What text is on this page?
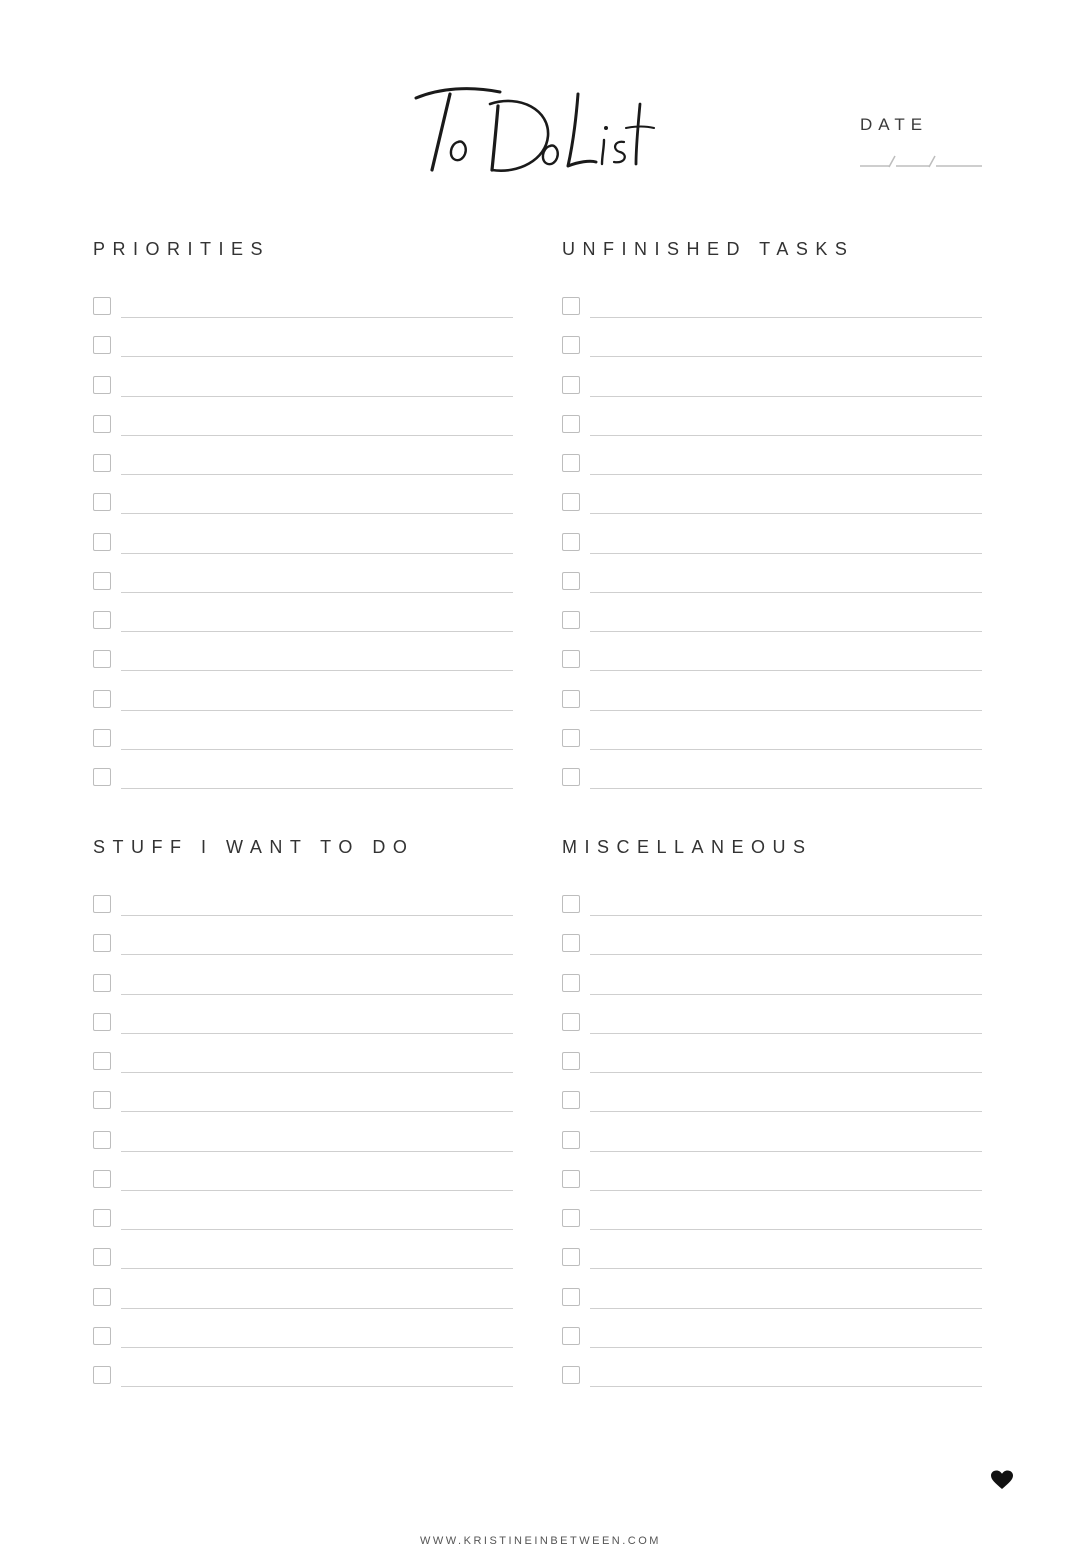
DATE

PRIORITIES	UNFINISHED TASKS
STUFF I WANT TO DO	MISCELLANEOUS

WWW.KRISTINEINBETWEEN.COM
